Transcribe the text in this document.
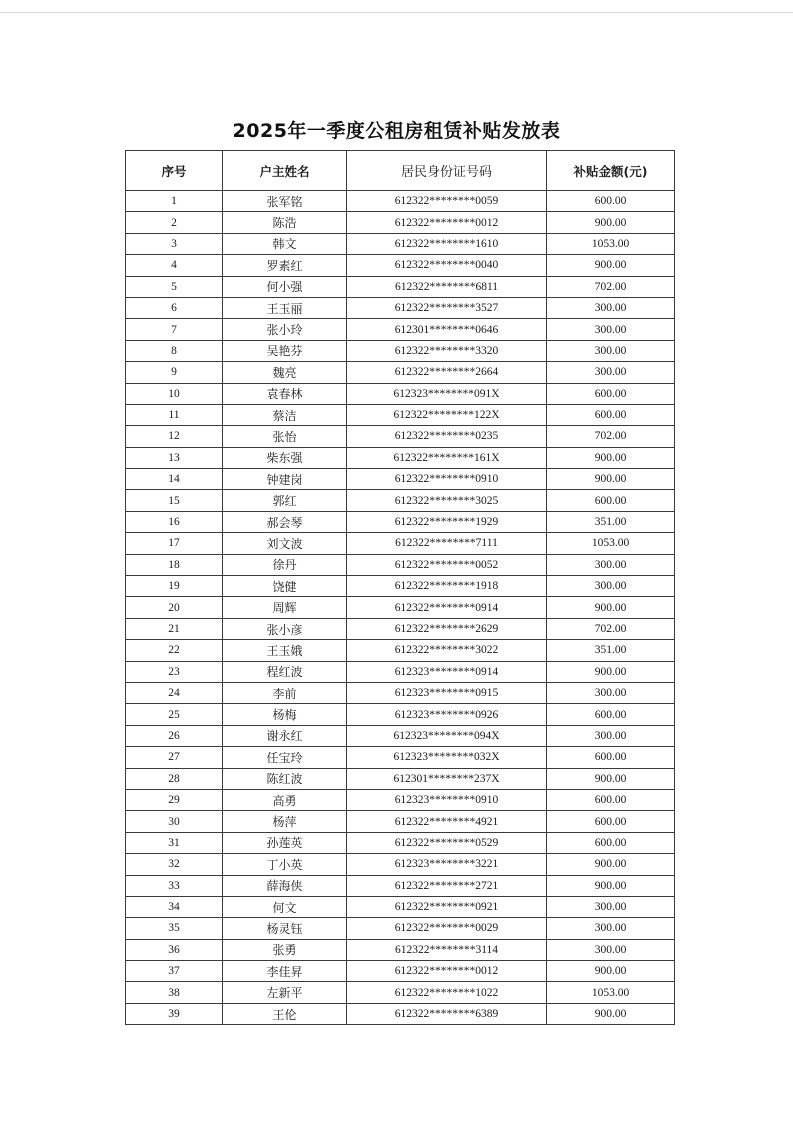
2025年一季度公租房租赁补贴发放表
序号	户主姓名	居民身份证号码	补贴金额(元)
1	张军铭	612322********0059	600.00
2	陈浩	612322********0012	900.00
3	韩文	612322********1610	1053.00
4	罗素红	612322********0040	900.00
5	何小强	612322********6811	702.00
6	王玉丽	612322********3527	300.00
7	张小玲	612301********0646	300.00
8	吴艳芬	612322********3320	300.00
9	魏亮	612322********2664	300.00
10	袁春林	612323********091X	600.00
11	蔡洁	612322********122X	600.00
12	张怡	612322********0235	702.00
13	柴东强	612322********161X	900.00
14	钟建岗	612322********0910	900.00
15	郭红	612322********3025	600.00
16	郝会琴	612322********1929	351.00
17	刘文波	612322********7111	1053.00
18	徐丹	612322********0052	300.00
19	饶健	612322********1918	300.00
20	周辉	612322********0914	900.00
21	张小彦	612322********2629	702.00
22	王玉娥	612322********3022	351.00
23	程红波	612323********0914	900.00
24	李前	612323********0915	300.00
25	杨梅	612323********0926	600.00
26	谢永红	612323********094X	300.00
27	任宝玲	612323********032X	600.00
28	陈红波	612301********237X	900.00
29	高勇	612323********0910	600.00
30	杨萍	612322********4921	600.00
31	孙莲英	612322********0529	600.00
32	丁小英	612323********3221	900.00
33	薛海侠	612322********2721	900.00
34	何文	612322********0921	300.00
35	杨灵钰	612322********0029	300.00
36	张勇	612322********3114	300.00
37	李佳昇	612322********0012	900.00
38	左新平	612322********1022	1053.00
39	王伦	612322********6389	900.00
